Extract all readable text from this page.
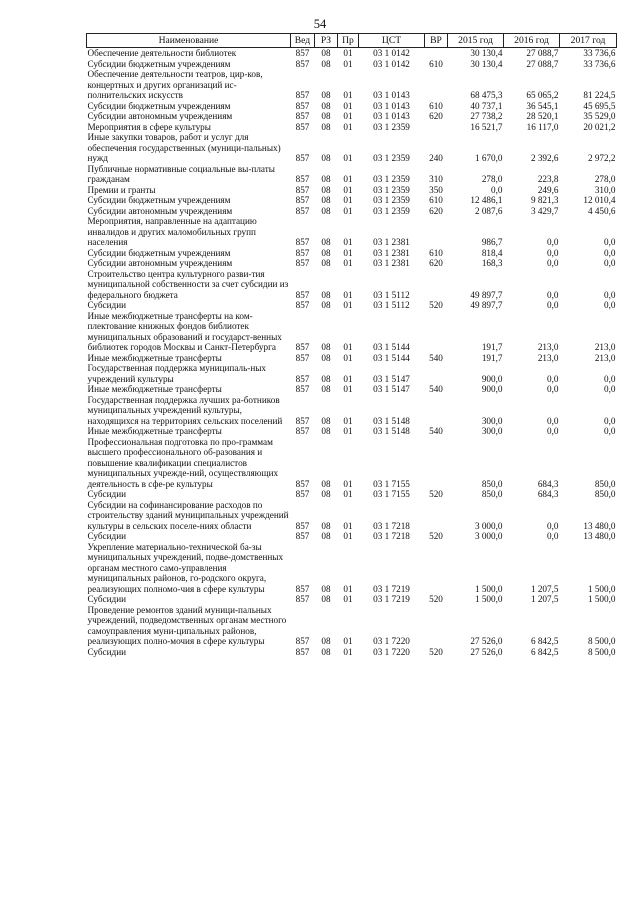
54
Наименование	Вед	РЗ	Пр	ЦСТ	ВР	2015 год	2016 год	2017 год
Обеспечение деятельности библиотек	857	08	01	03 1 0142		30 130,4	27 088,7	33 736,6
Субсидии бюджетным учреждениям	857	08	01	03 1 0142	610	30 130,4	27 088,7	33 736,6
Обеспечение деятельности театров, цир-ков, концертных и других организаций ис-полнительских искусств	857	08	01	03 1 0143		68 475,3	65 065,2	81 224,5
Субсидии бюджетным учреждениям	857	08	01	03 1 0143	610	40 737,1	36 545,1	45 695,5
Субсидии автономным учреждениям	857	08	01	03 1 0143	620	27 738,2	28 520,1	35 529,0
Мероприятия в сфере культуры	857	08	01	03 1 2359		16 521,7	16 117,0	20 021,2
Иные закупки товаров, работ и услуг для обеспечения государственных (муници-пальных) нужд	857	08	01	03 1 2359	240	1 670,0	2 392,6	2 972,2
Публичные нормативные социальные вы-платы гражданам	857	08	01	03 1 2359	310	278,0	223,8	278,0
Премии и гранты	857	08	01	03 1 2359	350	0,0	249,6	310,0
Субсидии бюджетным учреждениям	857	08	01	03 1 2359	610	12 486,1	9 821,3	12 010,4
Субсидии автономным учреждениям	857	08	01	03 1 2359	620	2 087,6	3 429,7	4 450,6
Мероприятия, направленные на адаптацию инвалидов и других маломобильных групп населения	857	08	01	03 1 2381		986,7	0,0	0,0
Субсидии бюджетным учреждениям	857	08	01	03 1 2381	610	818,4	0,0	0,0
Субсидии автономным учреждениям	857	08	01	03 1 2381	620	168,3	0,0	0,0
Строительство центра культурного разви-тия муниципальной собственности за счет субсидии из федерального бюджета	857	08	01	03 1 5112		49 897,7	0,0	0,0
Субсидии	857	08	01	03 1 5112	520	49 897,7	0,0	0,0
Иные межбюджетные трансферты на ком-плектование книжных фондов библиотек муниципальных образований и государст-венных библиотек городов Москвы и Санкт-Петербурга	857	08	01	03 1 5144		191,7	213,0	213,0
Иные межбюджетные трансферты	857	08	01	03 1 5144	540	191,7	213,0	213,0
Государственная поддержка муниципаль-ных учреждений культуры	857	08	01	03 1 5147		900,0	0,0	0,0
Иные межбюджетные трансферты	857	08	01	03 1 5147	540	900,0	0,0	0,0
Государственная поддержка лучших ра-ботников муниципальных учреждений культуры, находящихся на территориях сельских поселений	857	08	01	03 1 5148		300,0	0,0	0,0
Иные межбюджетные трансферты	857	08	01	03 1 5148	540	300,0	0,0	0,0
Профессиональная подготовка по про-граммам высшего профессионального об-разования и повышение квалификации специалистов муниципальных учрежде-ний, осуществляющих деятельность в сфе-ре культуры	857	08	01	03 1 7155		850,0	684,3	850,0
Субсидии	857	08	01	03 1 7155	520	850,0	684,3	850,0
Субсидии на софинансирование расходов по строительству зданий муниципальных учреждений культуры в сельских поселе-ниях области	857	08	01	03 1 7218		3 000,0	0,0	13 480,0
Субсидии	857	08	01	03 1 7218	520	3 000,0	0,0	13 480,0
Укрепление материально-технической ба-зы муниципальных учреждений, подве-домственных органам местного само-управления муниципальных районов, го-родского округа, реализующих полномо-чия в сфере культуры	857	08	01	03 1 7219		1 500,0	1 207,5	1 500,0
Субсидии	857	08	01	03 1 7219	520	1 500,0	1 207,5	1 500,0
Проведение ремонтов зданий муници-пальных учреждений, подведомственных органам местного самоуправления муни-ципальных районов, реализующих полно-мочия в сфере культуры	857	08	01	03 1 7220		27 526,0	6 842,5	8 500,0
Субсидии	857	08	01	03 1 7220	520	27 526,0	6 842,5	8 500,0
